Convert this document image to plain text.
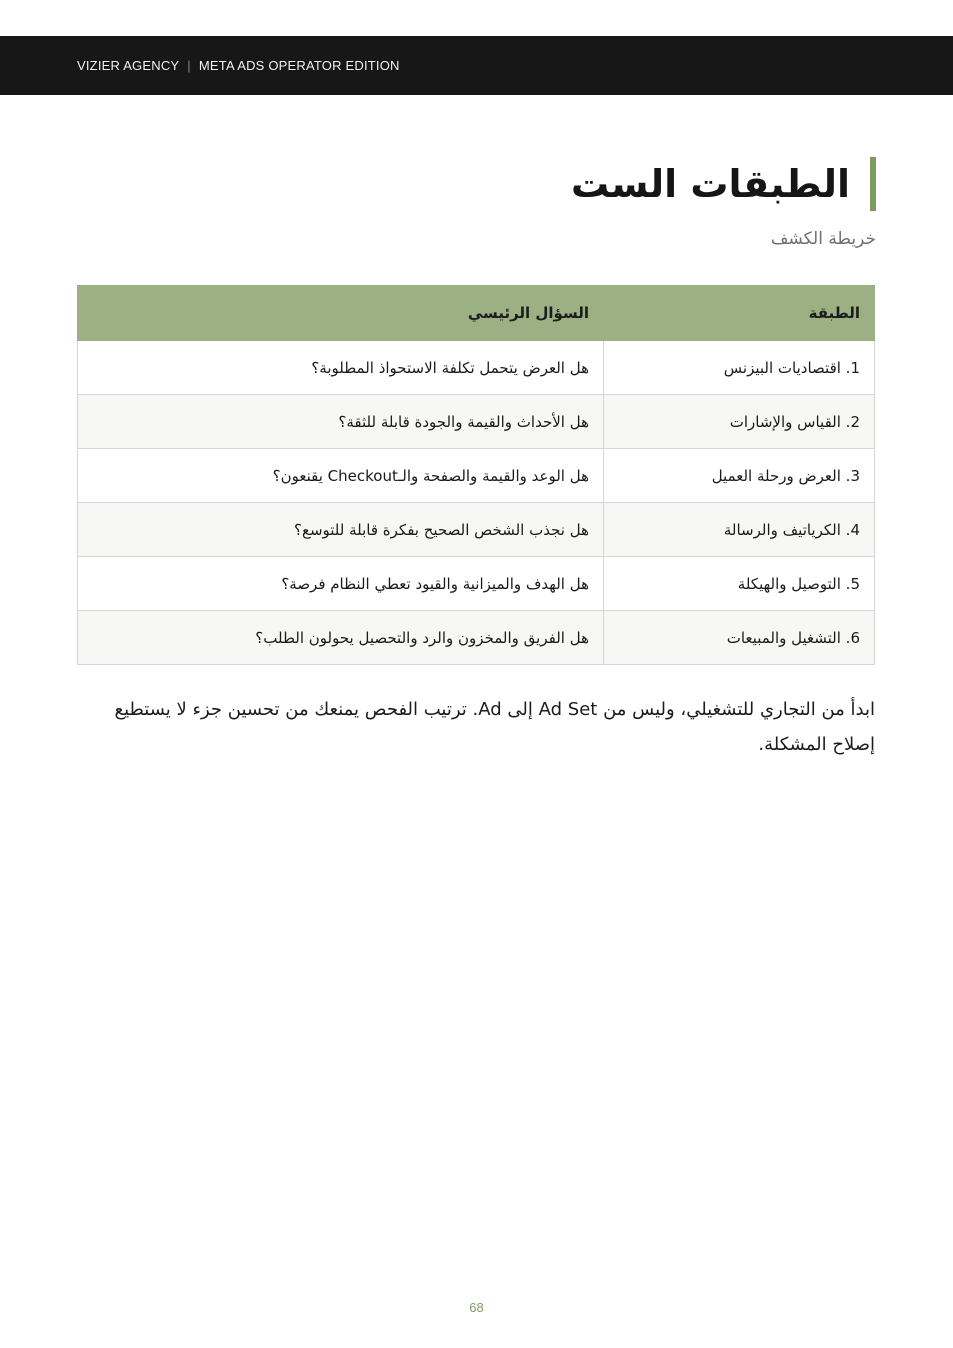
VIZIER AGENCY | META ADS OPERATOR EDITION
الطبقات الست
خريطة الكشف
الطبقة	السؤال الرئيسي
1. اقتصاديات البيزنس	هل العرض يتحمل تكلفة الاستحواذ المطلوبة؟
2. القياس والإشارات	هل الأحداث والقيمة والجودة قابلة للثقة؟
3. العرض ورحلة العميل	هل الوعد والقيمة والصفحة والـCheckout يقنعون؟
4. الكرياتيف والرسالة	هل نجذب الشخص الصحيح بفكرة قابلة للتوسع؟
5. التوصيل والهيكلة	هل الهدف والميزانية والقيود تعطي النظام فرصة؟
6. التشغيل والمبيعات	هل الفريق والمخزون والرد والتحصيل يحولون الطلب؟

ابدأ من التجاري للتشغيلي، وليس من Ad Set إلى Ad. ترتيب الفحص يمنعك من تحسين جزء لا يستطيع إصلاح المشكلة.

68
